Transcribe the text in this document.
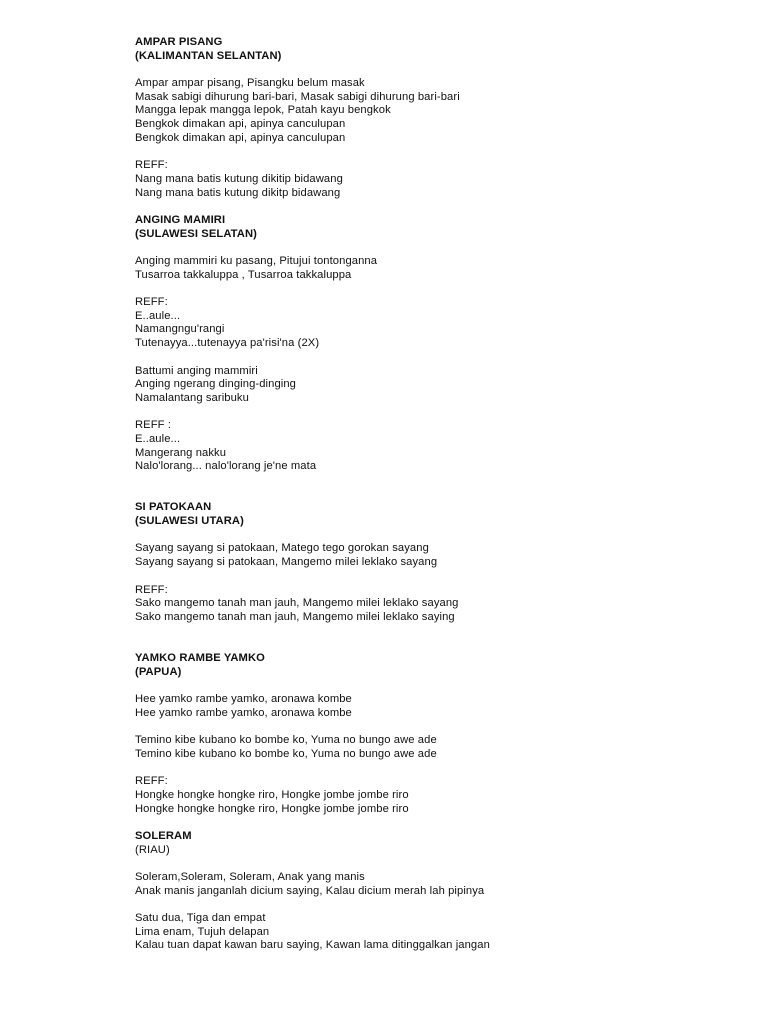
AMPAR PISANG
(KALIMANTAN SELANTAN)
Ampar ampar pisang, Pisangku belum masak
Masak sabigi dihurung bari-bari, Masak sabigi dihurung bari-bari
Mangga lepak mangga lepok, Patah kayu bengkok
Bengkok dimakan api, apinya canculupan
Bengkok dimakan api, apinya canculupan
REFF:
Nang mana batis kutung dikitip bidawang
Nang mana batis kutung dikitp bidawang
ANGING MAMIRI
(SULAWESI SELATAN)
Anging mammiri ku pasang, Pitujui tontonganna
Tusarroa takkaluppa , Tusarroa takkaluppa
REFF:
E..aule...
Namangngu'rangi
Tutenayya...tutenayya pa'risi'na (2X)
Battumi anging mammiri
Anging ngerang dinging-dinging
Namalantang saribuku
REFF :
E..aule...
Mangerang nakku
Nalo'lorang... nalo'lorang je'ne mata
SI PATOKAAN
(SULAWESI UTARA)
Sayang sayang si patokaan, Matego tego gorokan sayang
Sayang sayang si patokaan, Mangemo milei leklako sayang
REFF:
Sako mangemo tanah man jauh, Mangemo milei leklako sayang
Sako mangemo tanah man jauh, Mangemo milei leklako saying
YAMKO RAMBE YAMKO
(PAPUA)
Hee yamko rambe yamko, aronawa kombe
Hee yamko rambe yamko, aronawa kombe
Temino kibe kubano ko bombe ko, Yuma no bungo awe ade
Temino kibe kubano ko bombe ko, Yuma no bungo awe ade
REFF:
Hongke hongke hongke riro, Hongke jombe jombe riro
Hongke hongke hongke riro, Hongke jombe jombe riro
SOLERAM
(RIAU)
Soleram,Soleram, Soleram, Anak yang manis
Anak manis janganlah dicium saying, Kalau dicium merah lah pipinya
Satu dua, Tiga dan empat
Lima enam, Tujuh delapan
Kalau tuan dapat kawan baru saying, Kawan lama ditinggalkan jangan
